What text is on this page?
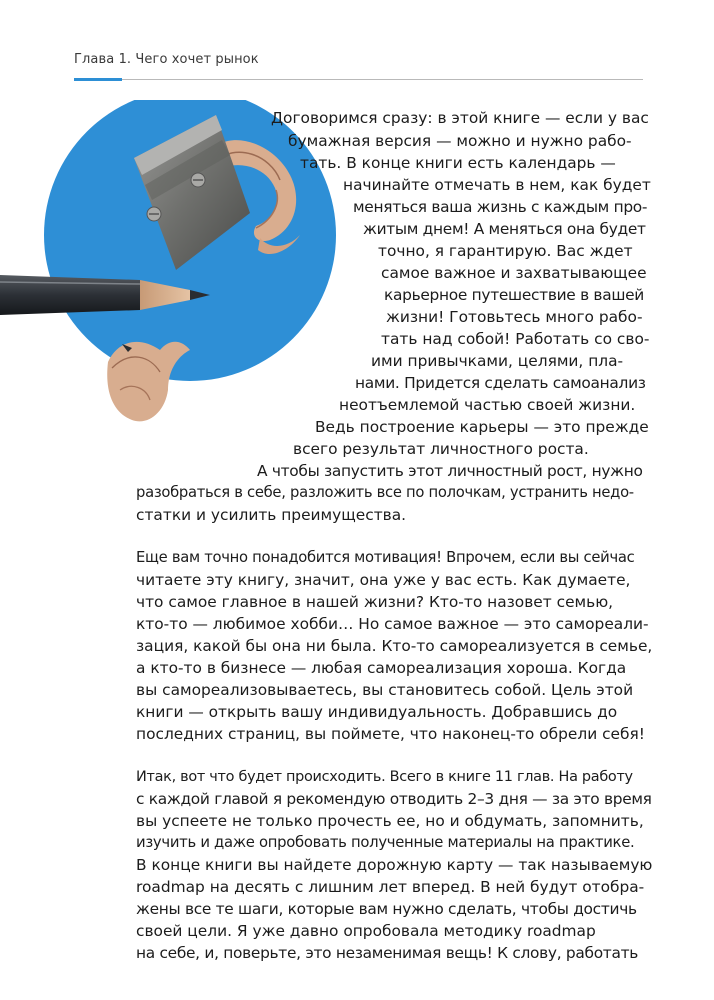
Глава 1. Чего хочет рынок
Договоримся сразу: в этой книге — если у вас
бумажная версия — можно и нужно рабо-
тать. В конце книги есть календарь —
начинайте отмечать в нем, как будет
меняться ваша жизнь с каждым про-
житым днем! А меняться она будет
точно, я гарантирую. Вас ждет
самое важное и захватывающее
карьерное путешествие в вашей
жизни! Готовьтесь много рабо-
тать над собой! Работать со сво-
ими привычками, целями, пла-
нами. Придется сделать самоанализ
неотъемлемой частью своей жизни.
Ведь построение карьеры — это прежде
всего результат личностного роста.
А чтобы запустить этот личностный рост, нужно
разобраться в себе, разложить все по полочкам, устранить недо-
статки и усилить преимущества.
Еще вам точно понадобится мотивация! Впрочем, если вы сейчас
читаете эту книгу, значит, она уже у вас есть. Как думаете,
что самое главное в нашей жизни? Кто-то назовет семью,
кто-то — любимое хобби… Но самое важное — это самореали-
зация, какой бы она ни была. Кто-то самореализуется в семье,
а кто-то в бизнесе — любая самореализация хороша. Когда
вы самореализовываетесь, вы становитесь собой. Цель этой
книги — открыть вашу индивидуальность. Добравшись до
последних страниц, вы поймете, что наконец-то обрели себя!
Итак, вот что будет происходить. Всего в книге 11 глав. На работу
с каждой главой я рекомендую отводить 2–3 дня — за это время
вы успеете не только прочесть ее, но и обдумать, запомнить,
изучить и даже опробовать полученные материалы на практике.
В конце книги вы найдете дорожную карту — так называемую
roadmap на десять с лишним лет вперед. В ней будут отобра-
жены все те шаги, которые вам нужно сделать, чтобы достичь
своей цели. Я уже давно опробовала методику roadmap
на себе, и, поверьте, это незаменимая вещь! К слову, работать
